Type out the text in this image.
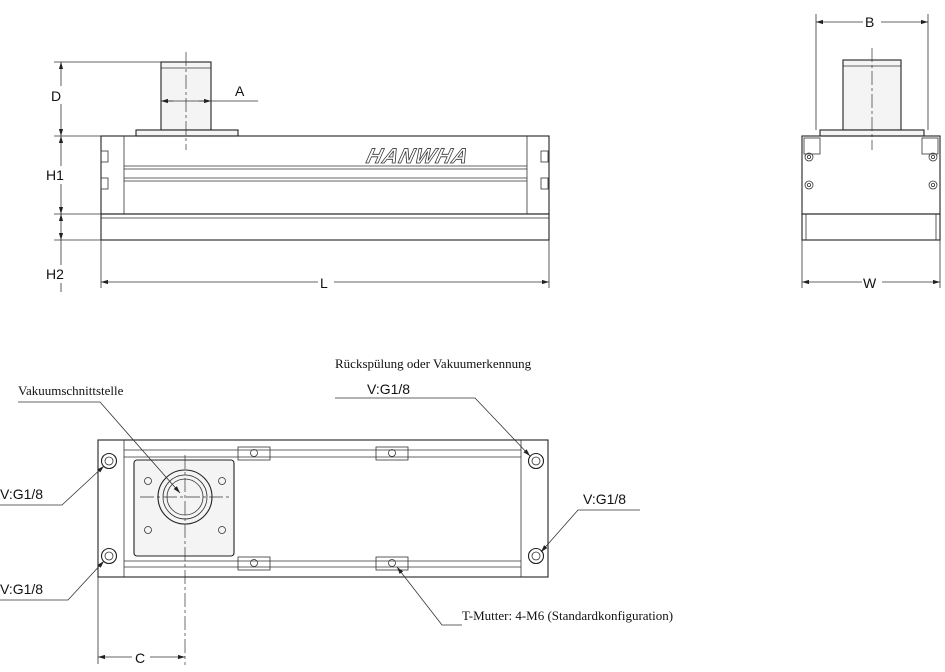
HANWHA
A
D
H1
H2
L
B
W
Rückspülung oder Vakuumerkennung
V:G1/8
Vakuumschnittstelle
V:G1/8
V:G1/8
V:G1/8
T-Mutter: 4-M6 (Standardkonfiguration)
C
